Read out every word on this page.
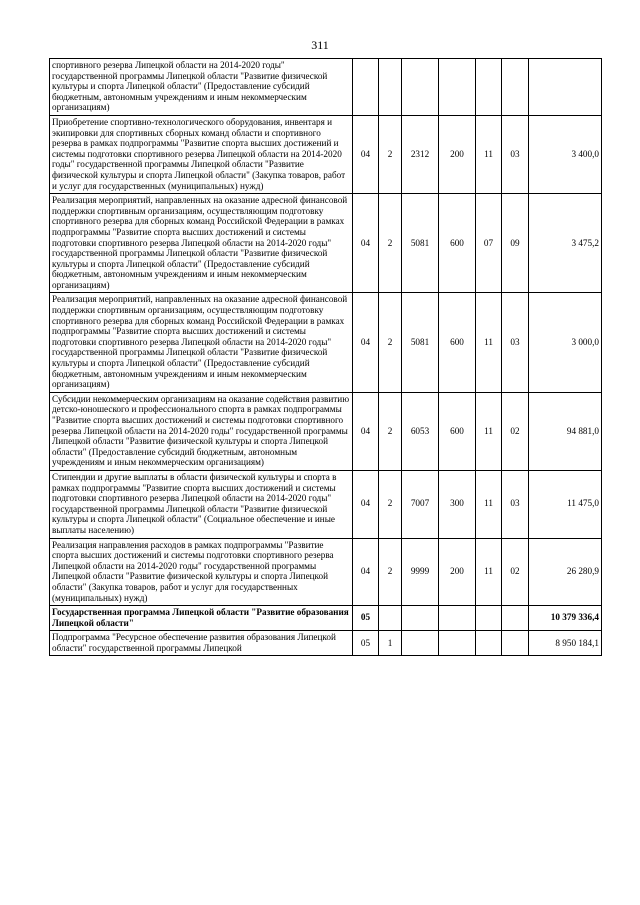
311
спортивного резерва Липецкой области на 2014-2020 годы" государственной программы Липецкой области "Развитие физической культуры и спорта Липецкой области" (Предоставление субсидий бюджетным, автономным учреждениям и иным некоммерческим организациям)							
Приобретение спортивно-технологического оборудования, инвентаря и экипировки для спортивных сборных команд области и спортивного резерва в рамках подпрограммы "Развитие спорта высших достижений и системы подготовки спортивного резерва Липецкой области на 2014-2020 годы" государственной программы Липецкой области "Развитие физической культуры и спорта Липецкой области" (Закупка товаров, работ и услуг для государственных (муниципальных) нужд)	04	2	2312	200	11	03	3 400,0
Реализация мероприятий, направленных на оказание адресной финансовой поддержки спортивным организациям, осуществляющим подготовку спортивного резерва для сборных команд Российской Федерации в рамках подпрограммы "Развитие спорта высших достижений и системы подготовки спортивного резерва Липецкой области на 2014-2020 годы" государственной программы Липецкой области "Развитие физической культуры и спорта Липецкой области" (Предоставление субсидий бюджетным, автономным учреждениям и иным некоммерческим организациям)	04	2	5081	600	07	09	3 475,2
Реализация мероприятий, направленных на оказание адресной финансовой поддержки спортивным организациям, осуществляющим подготовку спортивного резерва для сборных команд Российской Федерации в рамках подпрограммы "Развитие спорта высших достижений и системы подготовки спортивного резерва Липецкой области на 2014-2020 годы" государственной программы Липецкой области "Развитие физической культуры и спорта Липецкой области" (Предоставление субсидий бюджетным, автономным учреждениям и иным некоммерческим организациям)	04	2	5081	600	11	03	3 000,0
Субсидии некоммерческим организациям на оказание содействия развитию детско-юношеского и профессионального спорта в рамках подпрограммы "Развитие спорта высших достижений и системы подготовки спортивного резерва Липецкой области на 2014-2020 годы" государственной программы Липецкой области "Развитие физической культуры и спорта Липецкой области" (Предоставление субсидий бюджетным, автономным учреждениям и иным некоммерческим организациям)	04	2	6053	600	11	02	94 881,0
Стипендии и другие выплаты в области физической культуры и спорта в рамках подпрограммы "Развитие спорта высших достижений и системы подготовки спортивного резерва Липецкой области на 2014-2020 годы" государственной программы Липецкой области "Развитие физической культуры и спорта Липецкой области" (Социальное обеспечение и иные выплаты населению)	04	2	7007	300	11	03	11 475,0
Реализация направления расходов в рамках подпрограммы "Развитие спорта высших достижений и системы подготовки спортивного резерва Липецкой области на 2014-2020 годы" государственной программы Липецкой области "Развитие физической культуры и спорта Липецкой области" (Закупка товаров, работ и услуг для государственных (муниципальных) нужд)	04	2	9999	200	11	02	26 280,9
Государственная программа Липецкой области "Развитие образования Липецкой области"	05						10 379 336,4
Подпрограмма "Ресурсное обеспечение развития образования Липецкой области" государственной программы Липецкой	05	1					8 950 184,1
